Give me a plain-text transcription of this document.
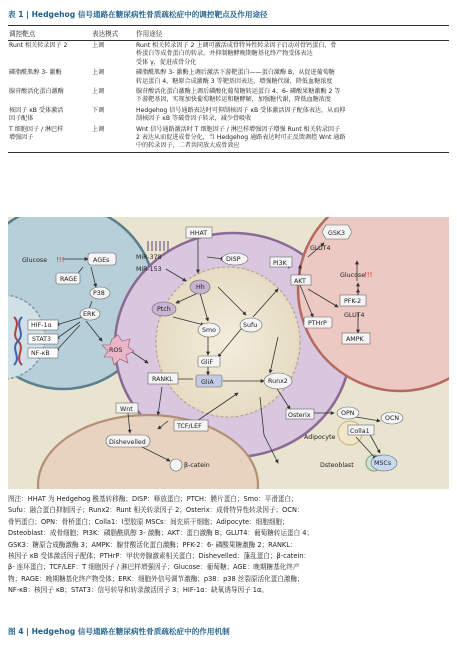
表 1 | Hedgehog 信号通路在糖尿病性骨质疏松症中的调控靶点及作用途径
调控靶点	表达模式	作用途径
Runt 相关转录因子 2	上调	Runt 相关转录因子 2 上调可激活成骨特异性转录因子启动对骨钙蛋白、骨
桥蛋白等成骨蛋白的转录，并抑制糖酵晚期糖基化终产物受体表达
受体 γ，促进成骨分化
磷脂酰肌醇 3- 激酶	上调	磷脂酰肌醇 3- 激酶上调后激活下游靶蛋白——蛋白激酶 B，从促进葡萄糖
转运蛋白 4、糖原合成激酶 3 等靶基因表达，增强糖代谢，降低血糖浓度
腺苷酸活化蛋白激酶	上调	腺苷酸活化蛋白激酶上调后磷酸化葡萄糖转运蛋白 4、6- 磷酸果糖激酶 2 等
下游靶基因，实现加快葡萄糖转运和糖酵解，加强糖代谢，降低血糖浓度
核因子 κB 受体激活
因子配体
下调	Hedgehog 信号通路表达时可抑制核因子 κB 受体激活因子配体表达，从而抑
制核因子 κB 等破骨因子转录，减少骨吸收
T 细胞因子 / 淋巴样
增强因子
上调	Wnt 信号通路激活时 T 细胞因子 / 淋巴样增强因子增强 Runt 相关转录因子
2 表达从而促进成骨分化，当 Hedgehog 通路表达时可正反馈调控 Wnt 通路
中的转录因子，二者共同放大成骨效应
Glucose !!!	AGEs
RAGE
P38
ERK
HIF-1α
STAT3
NF-κB	ROS
HHAT
DISP
MiR-378
MiR-153
Hh
Ptch
Smo
GliF
GliA
RANKL
Sufu
PI3K
AKT
GSK3
GLUT4
Glucose
!!!
PTHrP
PFK-2
GLUT4
AMPK
Runx2
Wnt
TCF/LEF
Dishevelled
β-catein
Osterix	OPN
OCN
Colla1
Adipocyte
Dsteoblast	MSCs
图注：HHAT 为 Hedgehog 酰基转移酶；DISP：释放蛋白；PTCH：膜片蛋白；Smo：平滑蛋白；
Sufu：融合蛋白抑制因子；Runx2：Runt 相关转录因子 2；Osterix：成骨特异性转录因子；OCN：
骨钙蛋白；OPN：骨桥蛋白；Colla1：Ⅰ型胶原 MSCs：间充质干细胞；Adipocyte：细胞细胞；
Dsteoblast：成骨细胞；PI3K：磷脂酰肌醇 3- 激酶；AKT：蛋白激酶 B；GLUT4：葡萄糖转运蛋白 4；
GSK3：糖原合成酶激酶 3；AMPK：腺苷酸活化蛋白激酶；PFK-2：6- 磷酸果糖激酶 2；RANKL：
核因子 κB 受体激活因子配体；PTHrP：甲状旁腺激素相关蛋白；Dishevelled：蓬乱蛋白；β-catein：
β- 连环蛋白；TCF/LEF：T 细胞因子 / 淋巴样增强因子；Glucose：葡萄糖；AGE：晚期糖基化终产
物；RAGE：晚期糖基化终产物受体；ERK：细胞外信号调节激酶；p38：p38 丝裂原活化蛋白激酶；
NF-κB：核因子 κB；STAT3：信号转导和转录激活因子 3；HIF-1α：缺氧诱导因子 1α。
图 4 | Hedgehog 信号通路在糖尿病性骨质疏松症中的作用机制
